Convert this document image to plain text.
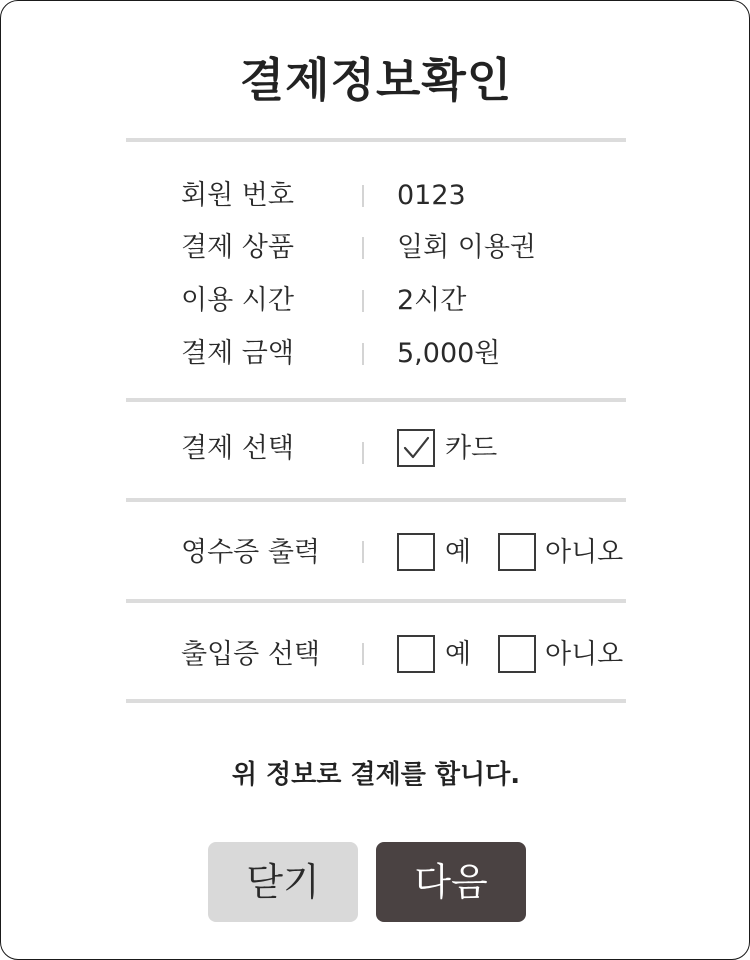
결제정보확인
회원 번호	0123
결제 상품	일회 이용권
이용 시간	2시간
결제 금액	5,000원
결제 선택	카드
영수증 출력	예	아니오
출입증 선택	예	아니오
위 정보로 결제를 합니다.
닫기	다음
